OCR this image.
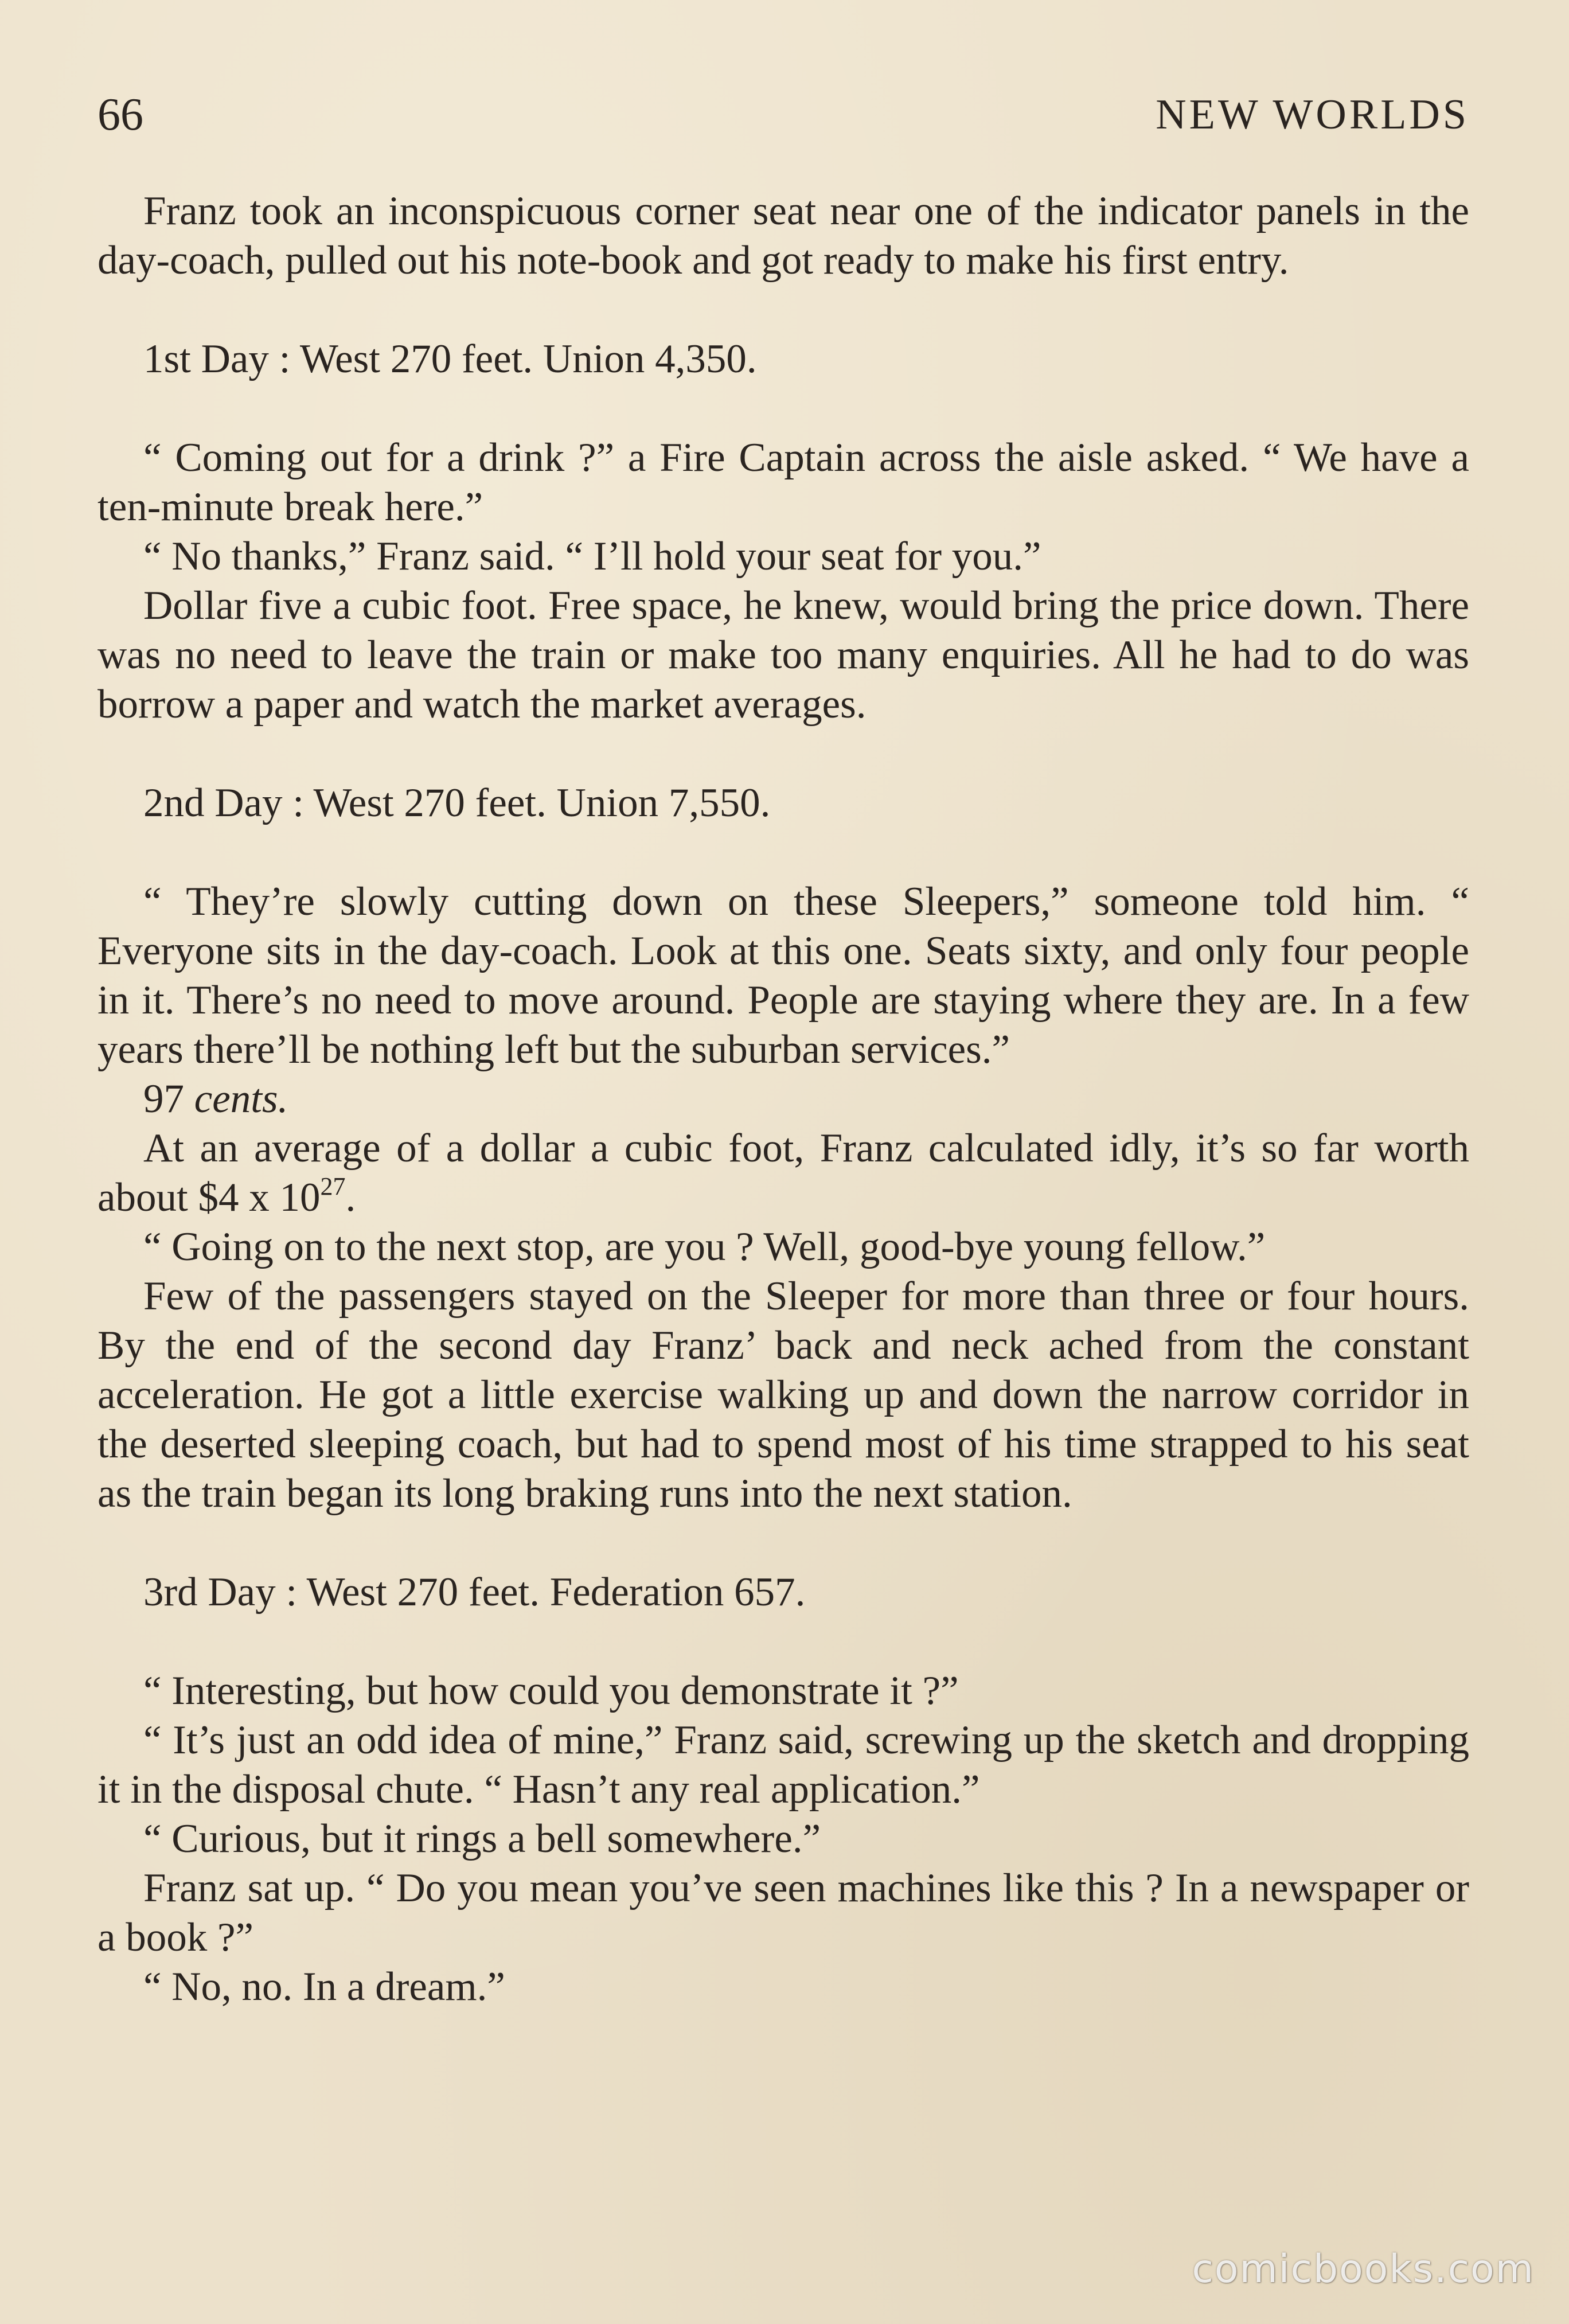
66	NEW WORLDS

Franz took an inconspicuous corner seat near one of the indicator panels in the day-coach, pulled out his note-book and got ready to make his first entry.

1st Day : West 270 feet. Union 4,350.

“ Coming out for a drink ?” a Fire Captain across the aisle asked. “ We have a ten-minute break here.”

“ No thanks,” Franz said. “ I’ll hold your seat for you.”

Dollar five a cubic foot. Free space, he knew, would bring the price down. There was no need to leave the train or make too many enquiries. All he had to do was borrow a paper and watch the market averages.

2nd Day : West 270 feet. Union 7,550.

“ They’re slowly cutting down on these Sleepers,” someone told him. “ Everyone sits in the day-coach. Look at this one. Seats sixty, and only four people in it. There’s no need to move around. People are staying where they are. In a few years there’ll be nothing left but the suburban services.”

97 cents.

At an average of a dollar a cubic foot, Franz calculated idly, it’s so far worth about $4 x $10^{27}$.

“ Going on to the next stop, are you ? Well, good-bye young fellow.”

Few of the passengers stayed on the Sleeper for more than three or four hours. By the end of the second day Franz’ back and neck ached from the constant acceleration. He got a little exercise walking up and down the narrow corridor in the deserted sleeping coach, but had to spend most of his time strapped to his seat as the train began its long braking runs into the next station.

3rd Day : West 270 feet. Federation 657.

“ Interesting, but how could you demonstrate it ?”

“ It’s just an odd idea of mine,” Franz said, screwing up the sketch and dropping it in the disposal chute. “ Hasn’t any real application.”

“ Curious, but it rings a bell somewhere.”

Franz sat up. “ Do you mean you’ve seen machines like this ? In a newspaper or a book ?”

“ No, no. In a dream.”

comicbooks.com
